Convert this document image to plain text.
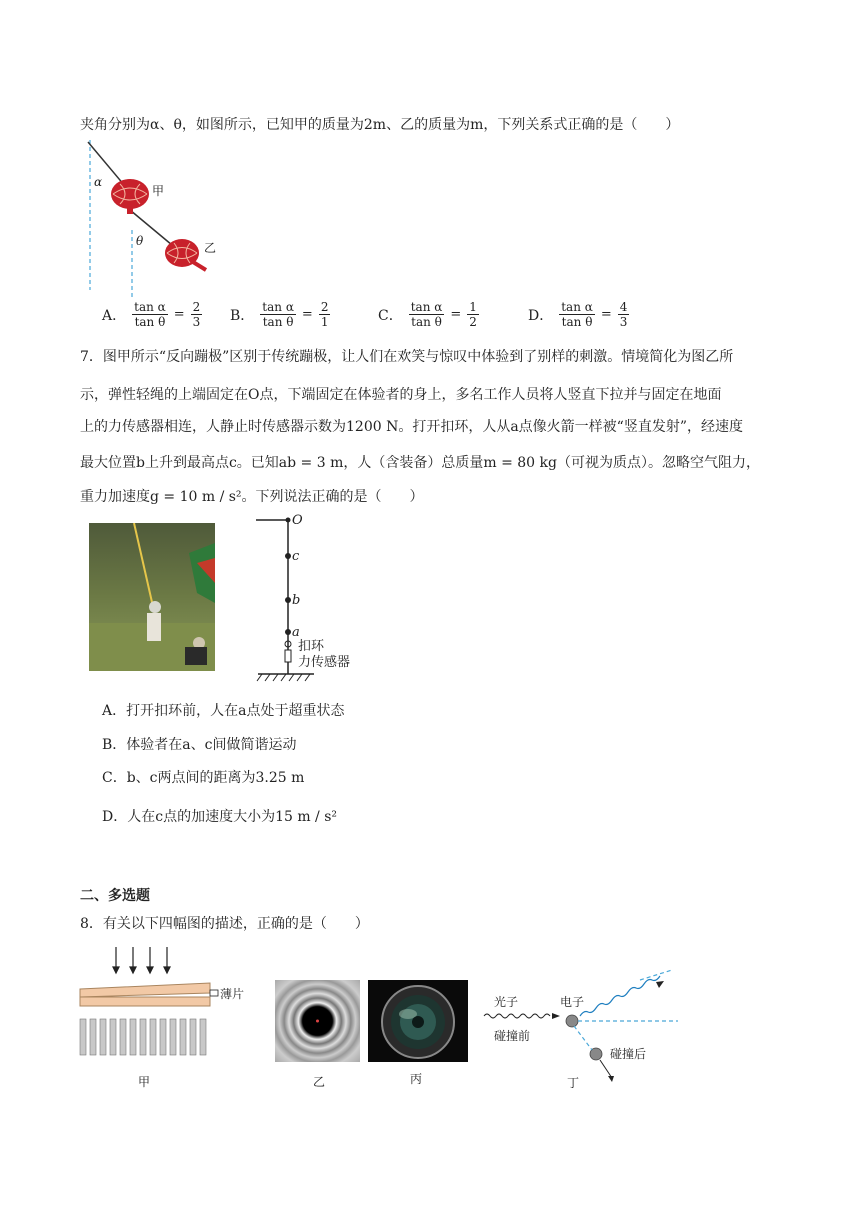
夹角分别为α、θ，如图所示，已知甲的质量为2m、乙的质量为m，下列关系式正确的是（　　）
α
θ
甲
乙
A． $\frac{\text{tan α}}{\text{tan θ}} = \frac{2}{3}$ B． $\frac{\text{tan α}}{\text{tan θ}} = \frac{2}{1}$	C． $\frac{\text{tan α}}{\text{tan θ}} = \frac{1}{2}$	D． $\frac{\text{tan α}}{\text{tan θ}} = \frac{4}{3}$
7．图甲所示“反向蹦极”区别于传统蹦极，让人们在欢笑与惊叹中体验到了别样的刺激。情境简化为图乙所
示，弹性轻绳的上端固定在O点，下端固定在体验者的身上，多名工作人员将人竖直下拉并与固定在地面
上的力传感器相连，人静止时传感器示数为1200 N。打开扣环，人从a点像火箭一样被“竖直发射”，经速度
最大位置b上升到最高点c。已知ab = 3 m，人（含装备）总质量m = 80 kg（可视为质点）。忽略空气阻力，
重力加速度g = 10 m / s²。下列说法正确的是（　　）
O
c
b
a
扣环
力传感器
A．打开扣环前，人在a点处于超重状态
B．体验者在a、c间做简谐运动
C．b、c两点间的距离为3.25 m
D．人在c点的加速度大小为15 m / s²
二、多选题
8．有关以下四幅图的描述，正确的是（　　）
薄片
甲	乙	丙
光子
碰撞前
电子
碰撞后
丁
